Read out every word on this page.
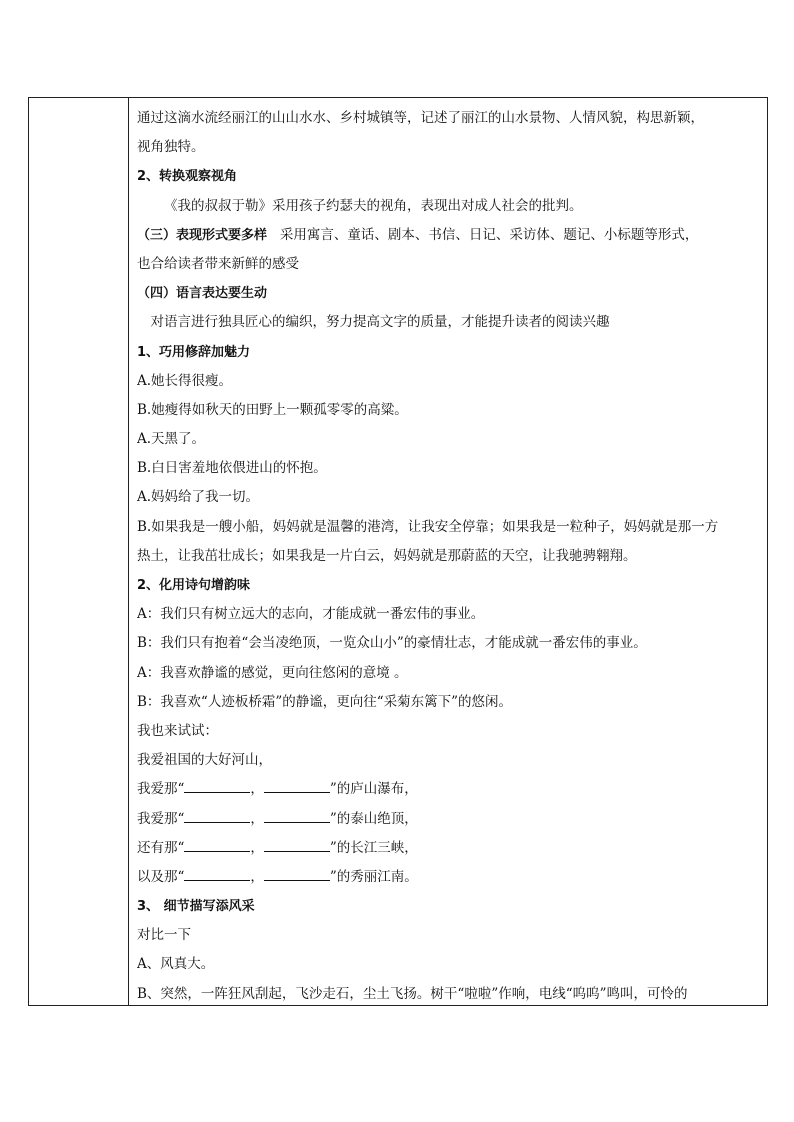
通过这滴水流经丽江的山山水水、乡村城镇等，记述了丽江的山水景物、人情风貌，构思新颖，
视角独特。
2、转换观察视角
《我的叔叔于勒》采用孩子约瑟夫的视角，表现出对成人社会的批判。
（三）表现形式要多样 采用寓言、童话、剧本、书信、日记、采访体、题记、小标题等形式，
也合给读者带来新鲜的感受
（四）语言表达要生动
对语言进行独具匠心的编织，努力提高文字的质量，才能提升读者的阅读兴趣
1、巧用修辞加魅力
A.她长得很瘦。
B.她瘦得如秋天的田野上一颗孤零零的高粱。
A.天黑了。
B.白日害羞地依偎进山的怀抱。
A.妈妈给了我一切。
B.如果我是一艘小船，妈妈就是温馨的港湾，让我安全停靠；如果我是一粒种子，妈妈就是那一方
热土，让我茁壮成长；如果我是一片白云，妈妈就是那蔚蓝的天空，让我驰骋翱翔。
2、化用诗句增韵味
A：我们只有树立远大的志向，才能成就一番宏伟的事业。
B：我们只有抱着“会当凌绝顶，一览众山小”的豪情壮志，才能成就一番宏伟的事业。
A：我喜欢静谧的感觉，更向往悠闲的意境 。
B：我喜欢“人迹板桥霜”的静谧，更向往“采菊东篱下”的悠闲。
我也来试试：
我爱祖国的大好河山，
我爱那“	，	”的庐山瀑布，
我爱那“	，	”的泰山绝顶，
还有那“	，	”的长江三峡，
以及那“	，	”的秀丽江南。
3、 细节描写添风采
对比一下
A、风真大。
B、突然，一阵狂风刮起，飞沙走石，尘土飞扬。树干“啦啦”作响，电线“呜呜”鸣叫，可怜的
